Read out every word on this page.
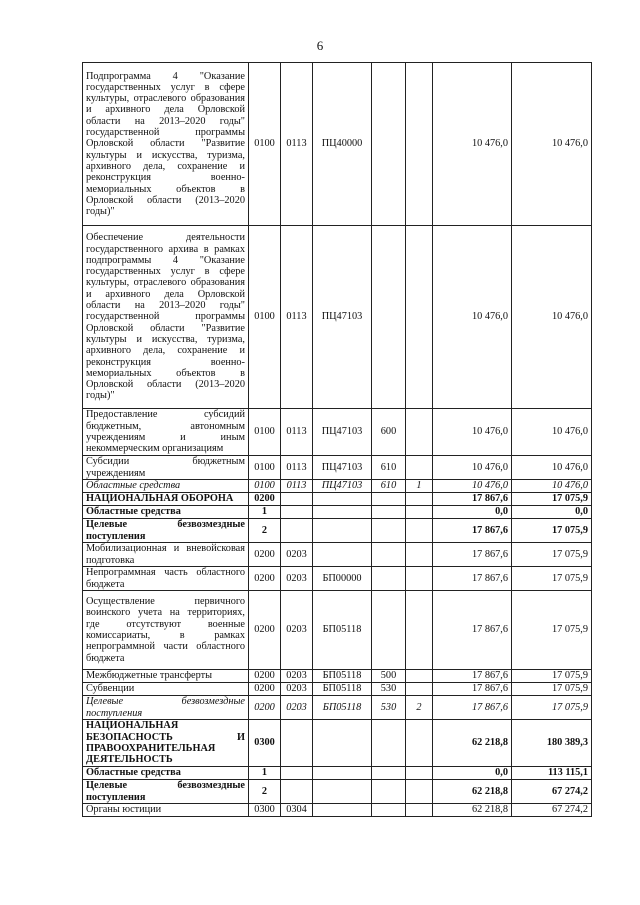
6
Подпрограмма 4 "Оказание государственных услуг в сфере культуры, отраслевого образования и архивного дела Орловской области на 2013–2020 годы" государственной программы Орловской области "Развитие культуры и искусства, туризма, архивного дела, сохранение и реконструкция военно-мемориальных объектов в Орловской области (2013–2020 годы)"	0100	0113	ПЦ40000			10 476,0	10 476,0
Обеспечение деятельности государственного архива в рамках подпрограммы 4 "Оказание государственных услуг в сфере культуры, отраслевого образования и архивного дела Орловской области на 2013–2020 годы" государственной программы Орловской области "Развитие культуры и искусства, туризма, архивного дела, сохранение и реконструкция военно-мемориальных объектов в Орловской области (2013–2020 годы)"	0100	0113	ПЦ47103			10 476,0	10 476,0
Предоставление субсидий бюджетным, автономным учреждениям и иным некоммерческим организациям	0100	0113	ПЦ47103	600		10 476,0	10 476,0
Субсидии бюджетным учреждениям	0100	0113	ПЦ47103	610		10 476,0	10 476,0
Областные средства	0100	0113	ПЦ47103	610	1	10 476,0	10 476,0
НАЦИОНАЛЬНАЯ ОБОРОНА	0200					17 867,6	17 075,9
Областные средства	1					0,0	0,0
Целевые безвозмездные поступления	2					17 867,6	17 075,9
Мобилизационная и вневойсковая подготовка	0200	0203				17 867,6	17 075,9
Непрограммная часть областного бюджета	0200	0203	БП00000			17 867,6	17 075,9
Осуществление первичного воинского учета на территориях, где отсутствуют военные комиссариаты, в рамках непрограммной части областного бюджета	0200	0203	БП05118			17 867,6	17 075,9
Межбюджетные трансферты	0200	0203	БП05118	500		17 867,6	17 075,9
Субвенции	0200	0203	БП05118	530		17 867,6	17 075,9
Целевые безвозмездные поступления	0200	0203	БП05118	530	2	17 867,6	17 075,9
НАЦИОНАЛЬНАЯ БЕЗОПАСНОСТЬ И ПРАВООХРАНИТЕЛЬНАЯ ДЕЯТЕЛЬНОСТЬ	0300					62 218,8	180 389,3
Областные средства	1					0,0	113 115,1
Целевые безвозмездные поступления	2					62 218,8	67 274,2
Органы юстиции	0300	0304				62 218,8	67 274,2
